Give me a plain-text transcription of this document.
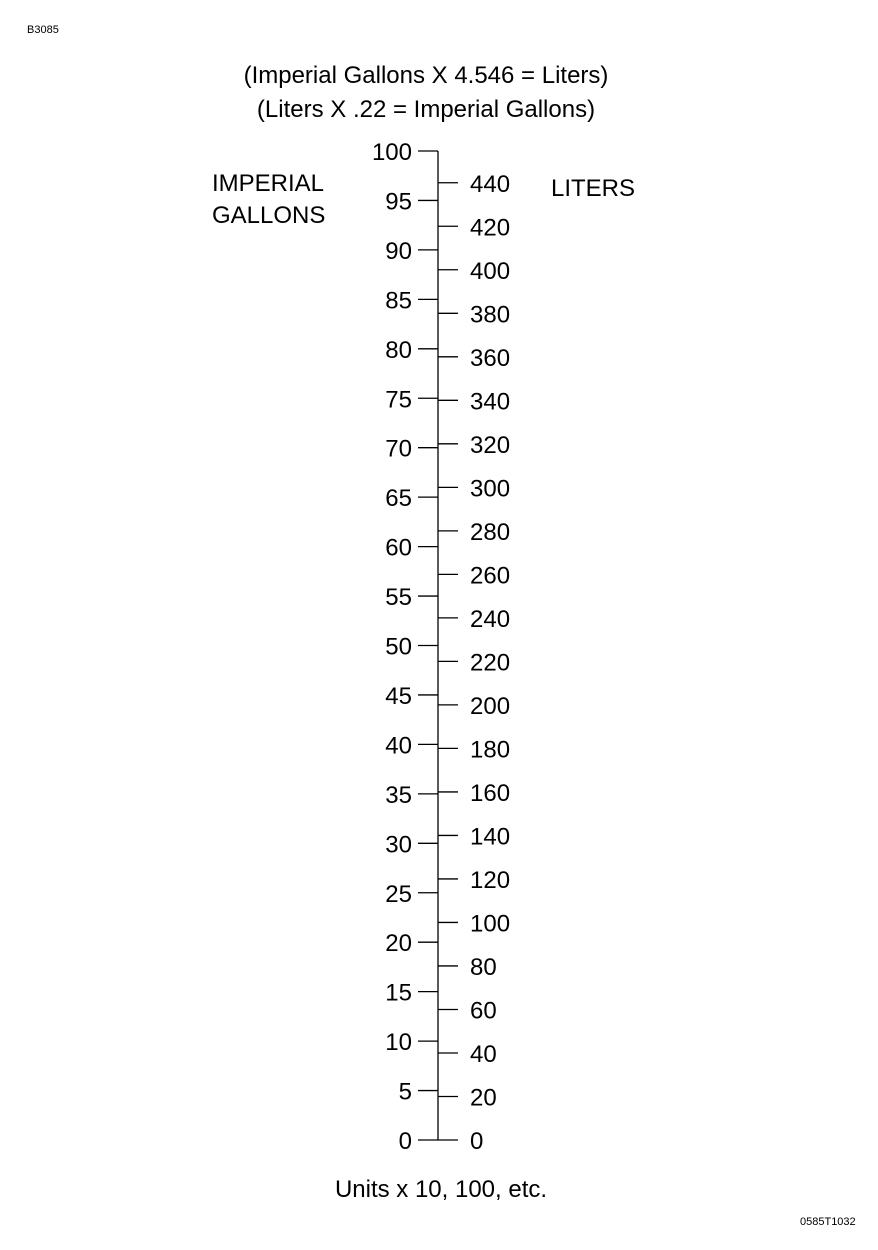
B3085
(Imperial Gallons X 4.546 = Liters)
(Liters X .22 = Imperial Gallons)
IMPERIAL
GALLONS
LITERS
0
5
10
15
20
25
30
35
40
45
50
55
60
65
70
75
80
85
90
95
100
0
20
40
60
80
100
120
140
160
180
200
220
240
260
280
300
320
340
360
380
400
420
440
Units x 10, 100, etc.
0585T1032
